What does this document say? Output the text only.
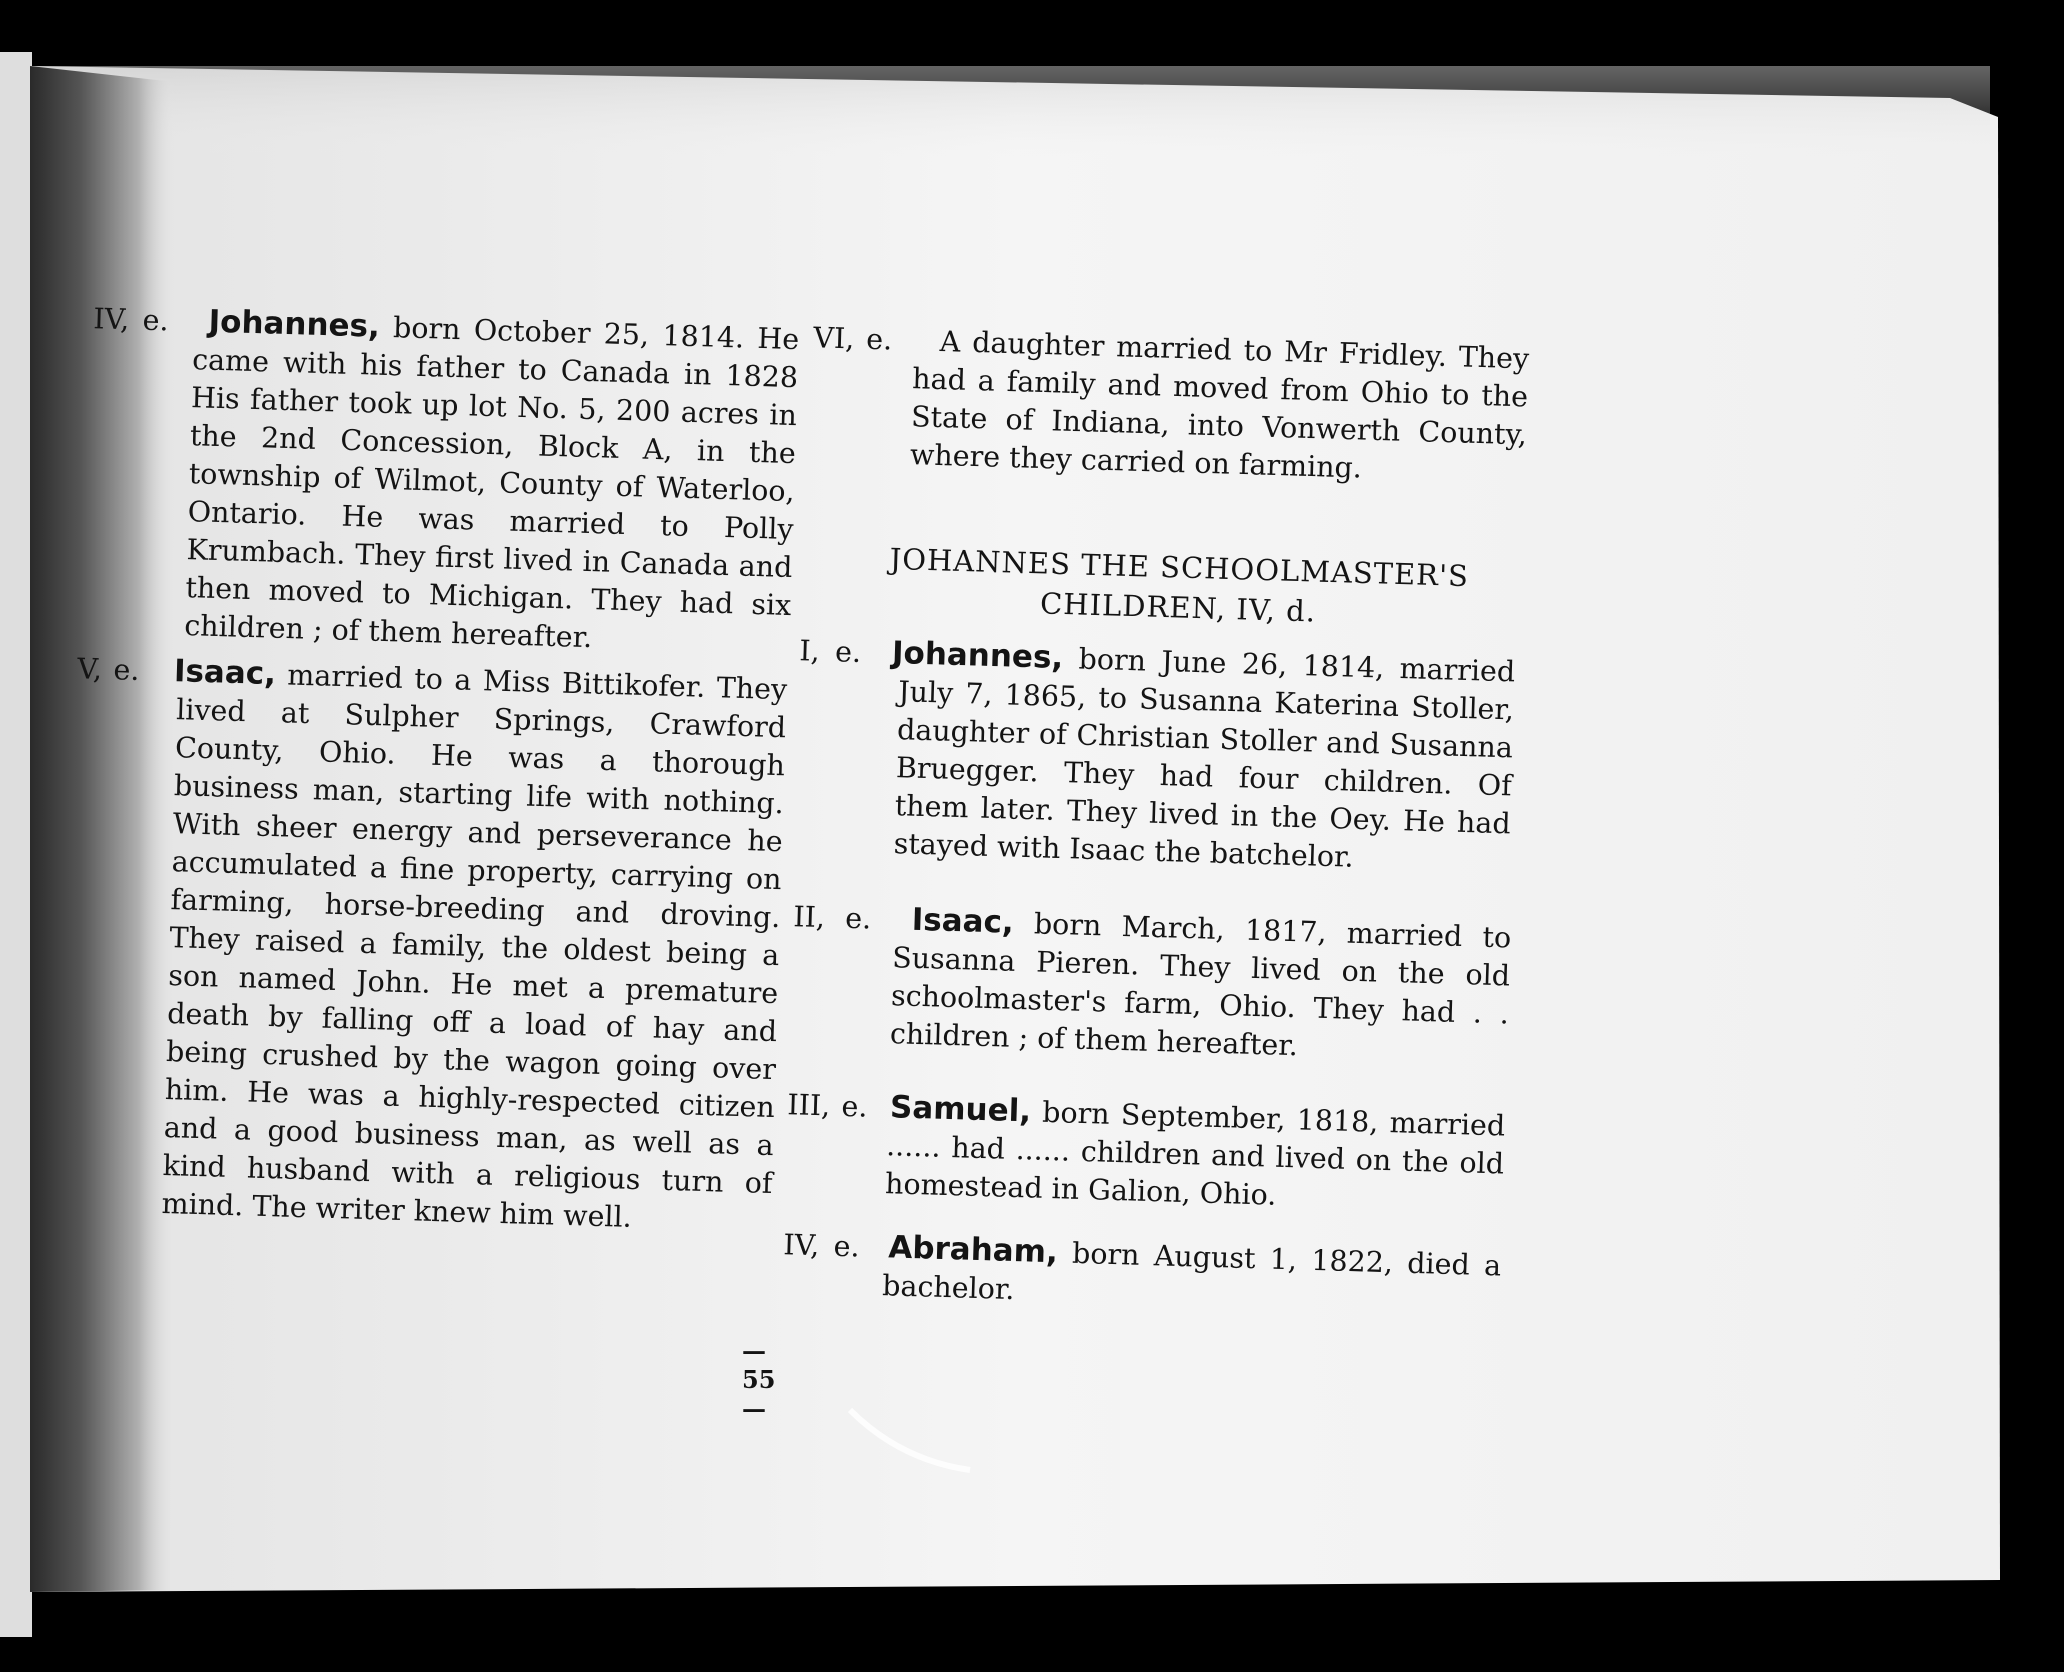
IV, e. Johannes, born October 25, 1814. He came with his father to Canada in 1828 His father took up lot No. 5, 200 acres in the 2nd Concession, Block A, in the township of Wilmot, County of Waterloo, Ontario. He was married to Polly Krumbach. They first lived in Canada and then moved to Michigan. They had six children ; of them hereafter.
V, e. Isaac, married to a Miss Bittikofer. They lived at Sulpher Springs, Crawford County, Ohio. He was a thorough business man, starting life with nothing. With sheer energy and perseverance he accumulated a fine property, carrying on farming, horse-breeding and droving. They raised a family, the oldest being a son named John. He met a premature death by falling off a load of hay and being crushed by the wagon going over him. He was a highly-respected citizen and a good business man, as well as a kind husband with a religious turn of mind. The writer knew him well.
VI, e. A daughter married to Mr Fridley. They had a family and moved from Ohio to the State of Indiana, into Vonwerth County, where they carried on farming.
JOHANNES THE SCHOOLMASTER'S
CHILDREN, IV, d.
I, e. Johannes, born June 26, 1814, married July 7, 1865, to Susanna Katerina Stoller, daughter of Christian Stoller and Susanna Bruegger. They had four children. Of them later. They lived in the Oey. He had stayed with Isaac the batchelor.
II, e. Isaac, born March, 1817, married to Susanna Pieren. They lived on the old schoolmaster's farm, Ohio. They had . . children ; of them hereafter.
III, e. Samuel, born September, 1818, married ...... had ...... children and lived on the old homestead in Galion, Ohio.
IV, e. Abraham, born August 1, 1822, died a bachelor.
—55—
